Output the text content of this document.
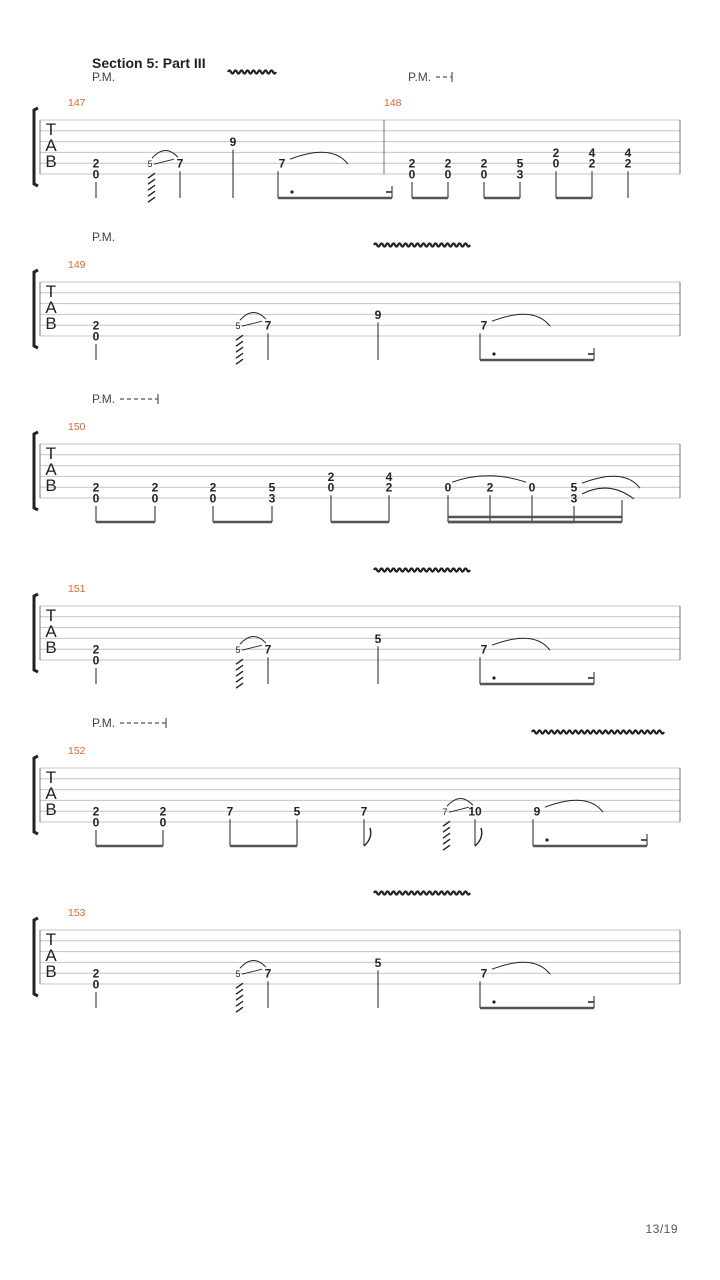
Section 5: Part III
T
A
B
147
P.M.
2
0
7
5
9
7
148
P.M.
2
0
2
0
2
0
5
3
2
0
4
2
4
2
T
A
B
149
P.M.
2
0
7
5
9
7
T
A
B
150
P.M.
2
0
2
0
2
0
5
3
2
0
4
2	0	2	0	5
3
T
A
B
151
2
0
7
5
5
7
T
A
B
152
P.M.
2
0
2
0
7	5	7	10
7	9
T
A
B
153
2
0
7
5
5
7
13/19
